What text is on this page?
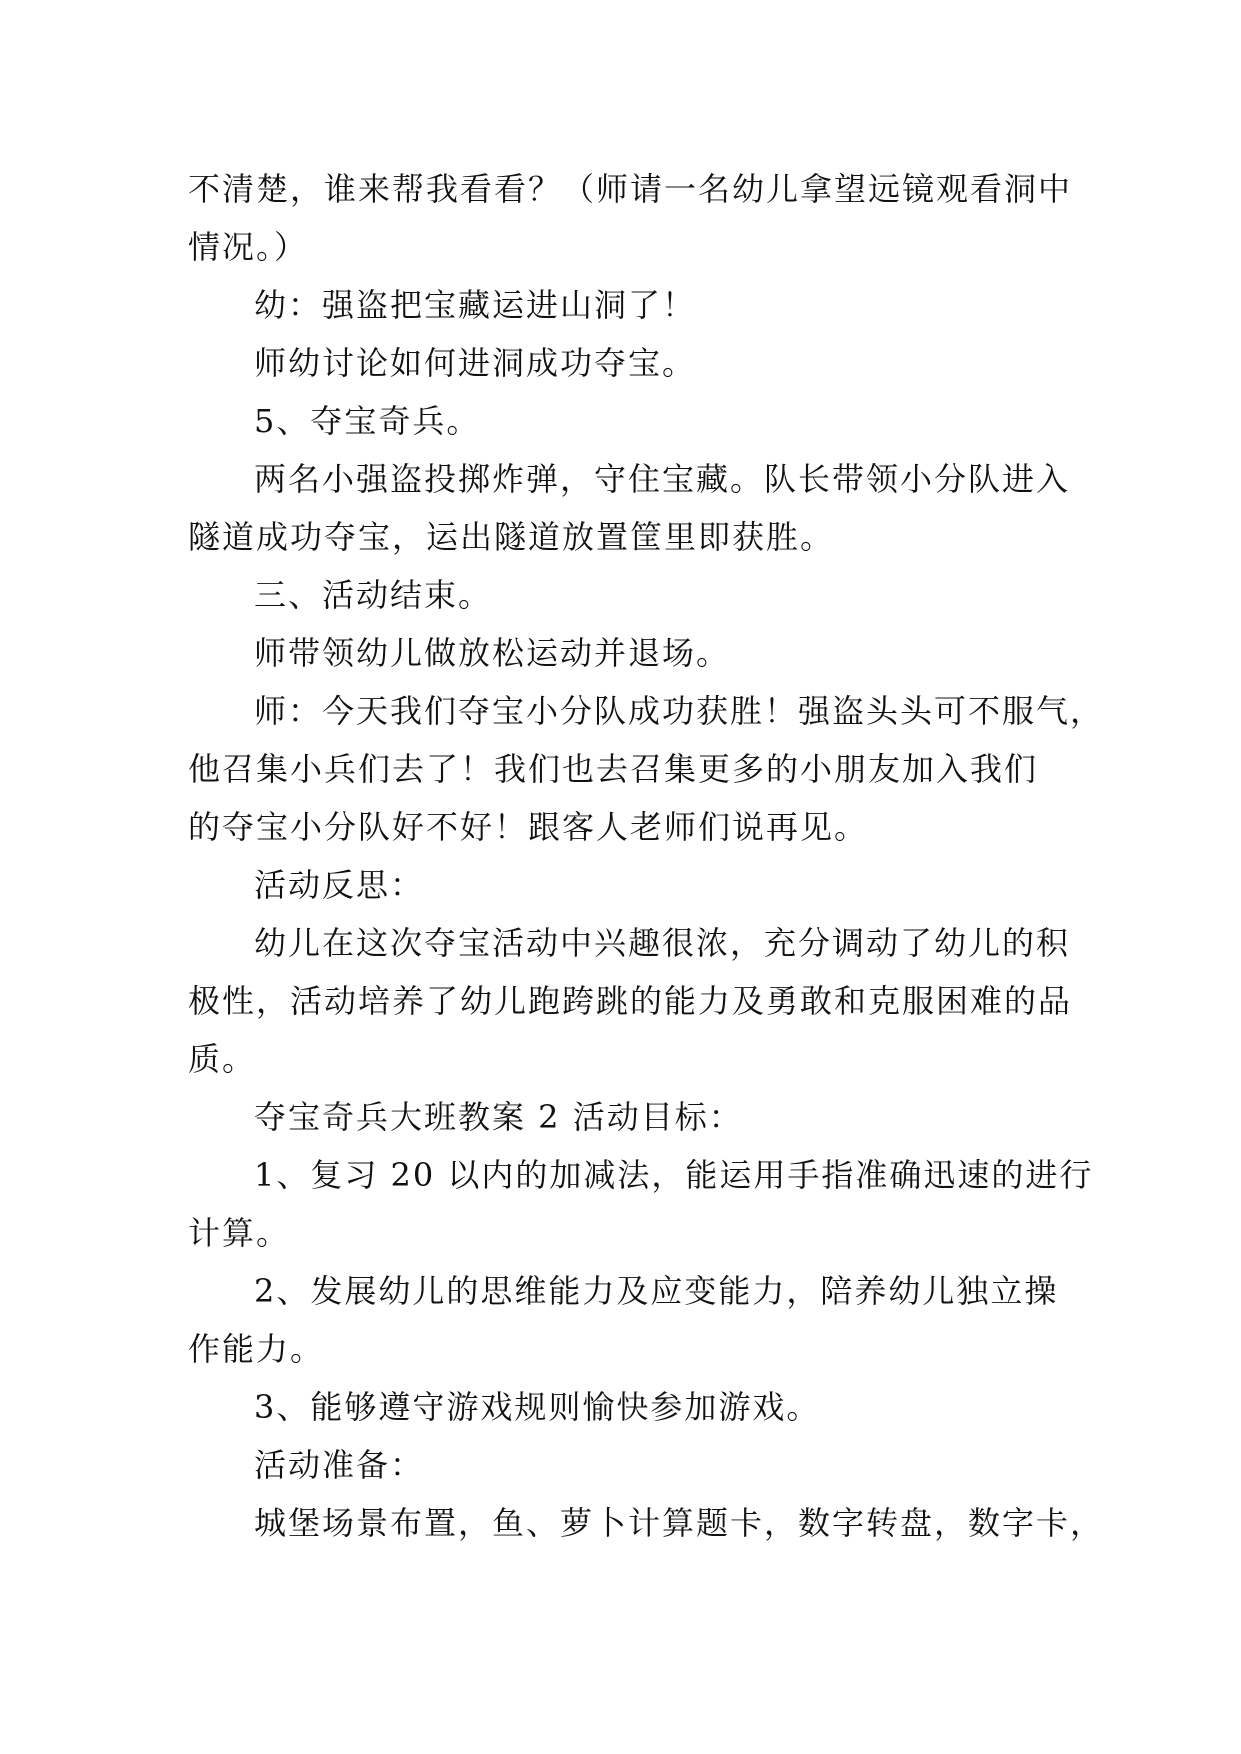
不清楚，谁来帮我看看？（师请一名幼儿拿望远镜观看洞中
情况。）
幼：强盗把宝藏运进山洞了！
师幼讨论如何进洞成功夺宝。
5、夺宝奇兵。
两名小强盗投掷炸弹，守住宝藏。队长带领小分队进入
隧道成功夺宝，运出隧道放置筐里即获胜。
三、活动结束。
师带领幼儿做放松运动并退场。
师：今天我们夺宝小分队成功获胜！强盗头头可不服气，
他召集小兵们去了！我们也去召集更多的小朋友加入我们
的夺宝小分队好不好！跟客人老师们说再见。
活动反思：
幼儿在这次夺宝活动中兴趣很浓，充分调动了幼儿的积
极性，活动培养了幼儿跑跨跳的能力及勇敢和克服困难的品
质。
夺宝奇兵大班教案 2 活动目标：
1、复习 20 以内的加减法，能运用手指准确迅速的进行
计算。
2、发展幼儿的思维能力及应变能力，陪养幼儿独立操
作能力。
3、能够遵守游戏规则愉快参加游戏。
活动准备：
城堡场景布置，鱼、萝卜计算题卡，数字转盘，数字卡，
